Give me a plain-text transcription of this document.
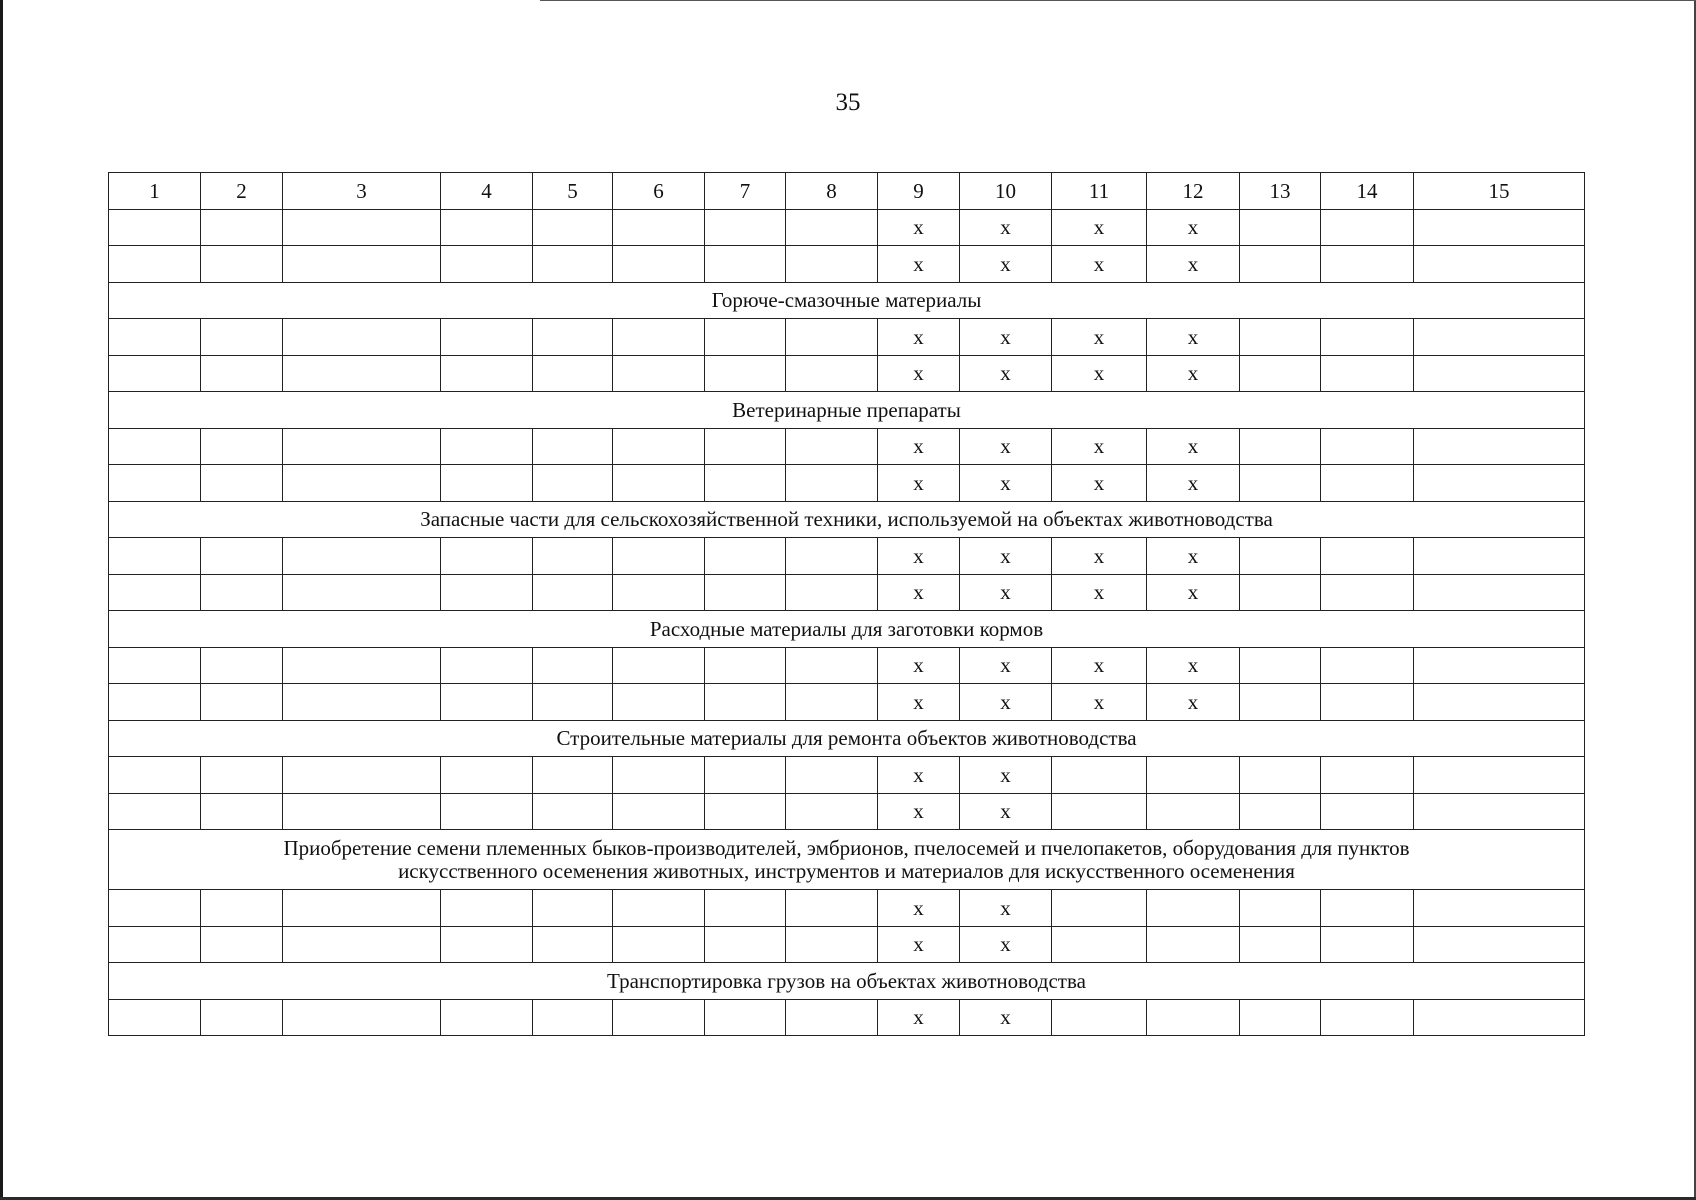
35
1	2	3	4	5	6	7	8	9	10	11	12	13	14	15
								x	x	x	x			
								x	x	x	x			
Горюче-смазочные материалы														
								x	x	x	x			
								x	x	x	x			
Ветеринарные препараты														
								x	x	x	x			
								x	x	x	x			
Запасные части для сельскохозяйственной техники, используемой на объектах животноводства														
								x	x	x	x			
								x	x	x	x			
Расходные материалы для заготовки кормов														
								x	x	x	x			
								x	x	x	x			
Строительные материалы для ремонта объектов животноводства														
								x	x					
								x	x					

Приобретение семени племенных быков-производителей, эмбрионов, пчелосемей и пчелопакетов, оборудования для пунктов
искусственного осеменения животных, инструментов и материалов для искусственного осеменения														

								x	x					
								x	x					
Транспортировка грузов на объектах животноводства														
								x	x					
